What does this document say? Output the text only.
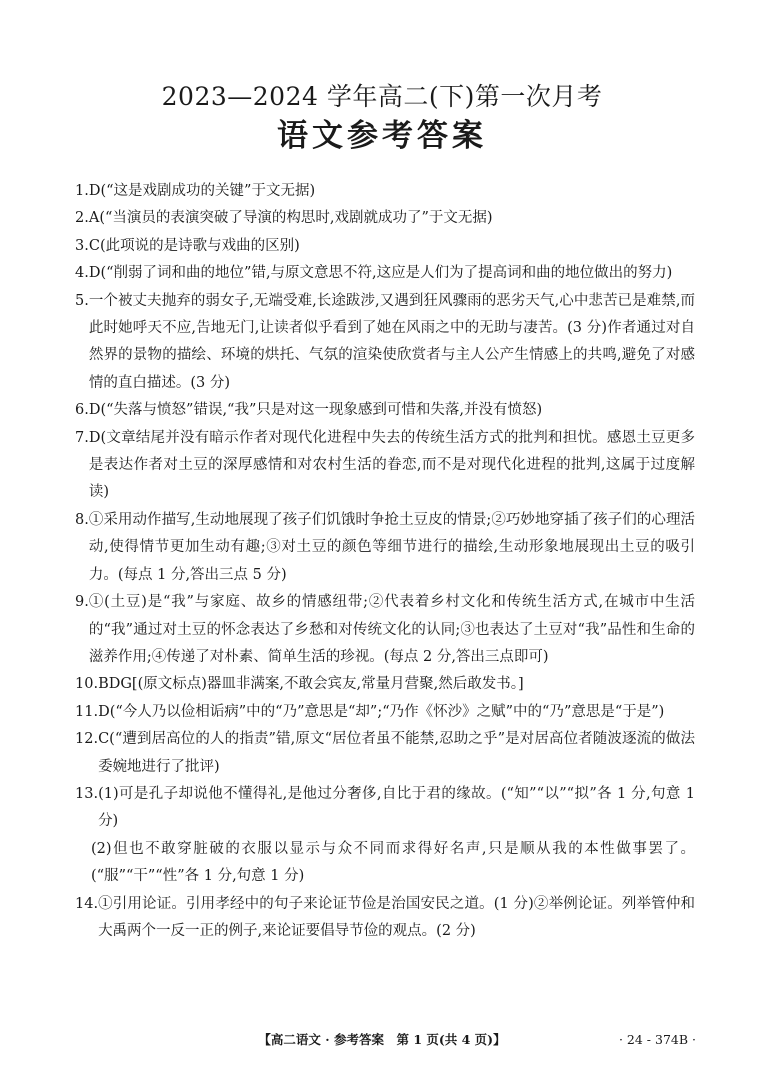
2023—2024 学年高二(下)第一次月考
语文参考答案
1. D(“这是戏剧成功的关键”于文无据)
2. A(“当演员的表演突破了导演的构思时,戏剧就成功了”于文无据)
3. C(此项说的是诗歌与戏曲的区别)
4. D(“削弱了词和曲的地位”错,与原文意思不符,这应是人们为了提高词和曲的地位做出的努力)
5. 一个被丈夫抛弃的弱女子,无端受难,长途跋涉,又遇到狂风骤雨的恶劣天气,心中悲苦已是难禁,而此时她呼天不应,告地无门,让读者似乎看到了她在风雨之中的无助与凄苦。(3 分)作者通过对自然界的景物的描绘、环境的烘托、气氛的渲染使欣赏者与主人公产生情感上的共鸣,避免了对感情的直白描述。(3 分)
6. D(“失落与愤怒”错误,“我”只是对这一现象感到可惜和失落,并没有愤怒)
7. D(文章结尾并没有暗示作者对现代化进程中失去的传统生活方式的批判和担忧。感恩土豆更多是表达作者对土豆的深厚感情和对农村生活的眷恋,而不是对现代化进程的批判,这属于过度解读)
8. ①采用动作描写,生动地展现了孩子们饥饿时争抢土豆皮的情景;②巧妙地穿插了孩子们的心理活动,使得情节更加生动有趣;③对土豆的颜色等细节进行的描绘,生动形象地展现出土豆的吸引力。(每点 1 分,答出三点 5 分)
9. ①(土豆)是“我”与家庭、故乡的情感纽带;②代表着乡村文化和传统生活方式,在城市中生活的“我”通过对土豆的怀念表达了乡愁和对传统文化的认同;③也表达了土豆对“我”品性和生命的滋养作用;④传递了对朴素、简单生活的珍视。(每点 2 分,答出三点即可)
10. BDG[(原文标点)器皿非满案,不敢会宾友,常量月营聚,然后敢发书。]
11. D(“今人乃以俭相诟病”中的“乃”意思是“却”;“乃作《怀沙》之赋”中的“乃”意思是“于是”)
12. C(“遭到居高位的人的指责”错,原文“居位者虽不能禁,忍助之乎”是对居高位者随波逐流的做法委婉地进行了批评)
13. (1)可是孔子却说他不懂得礼,是他过分奢侈,自比于君的缘故。(“知”“以”“拟”各 1 分,句意 1 分)
(2)但也不敢穿脏破的衣服以显示与众不同而求得好名声,只是顺从我的本性做事罢了。(“服”“干”“性”各 1 分,句意 1 分)
14. ①引用论证。引用孝经中的句子来论证节俭是治国安民之道。(1 分)②举例论证。列举管仲和大禹两个一反一正的例子,来论证要倡导节俭的观点。(2 分)
【高二语文 · 参考答案　第 1 页(共 4 页)】	· 24 - 374B ·
